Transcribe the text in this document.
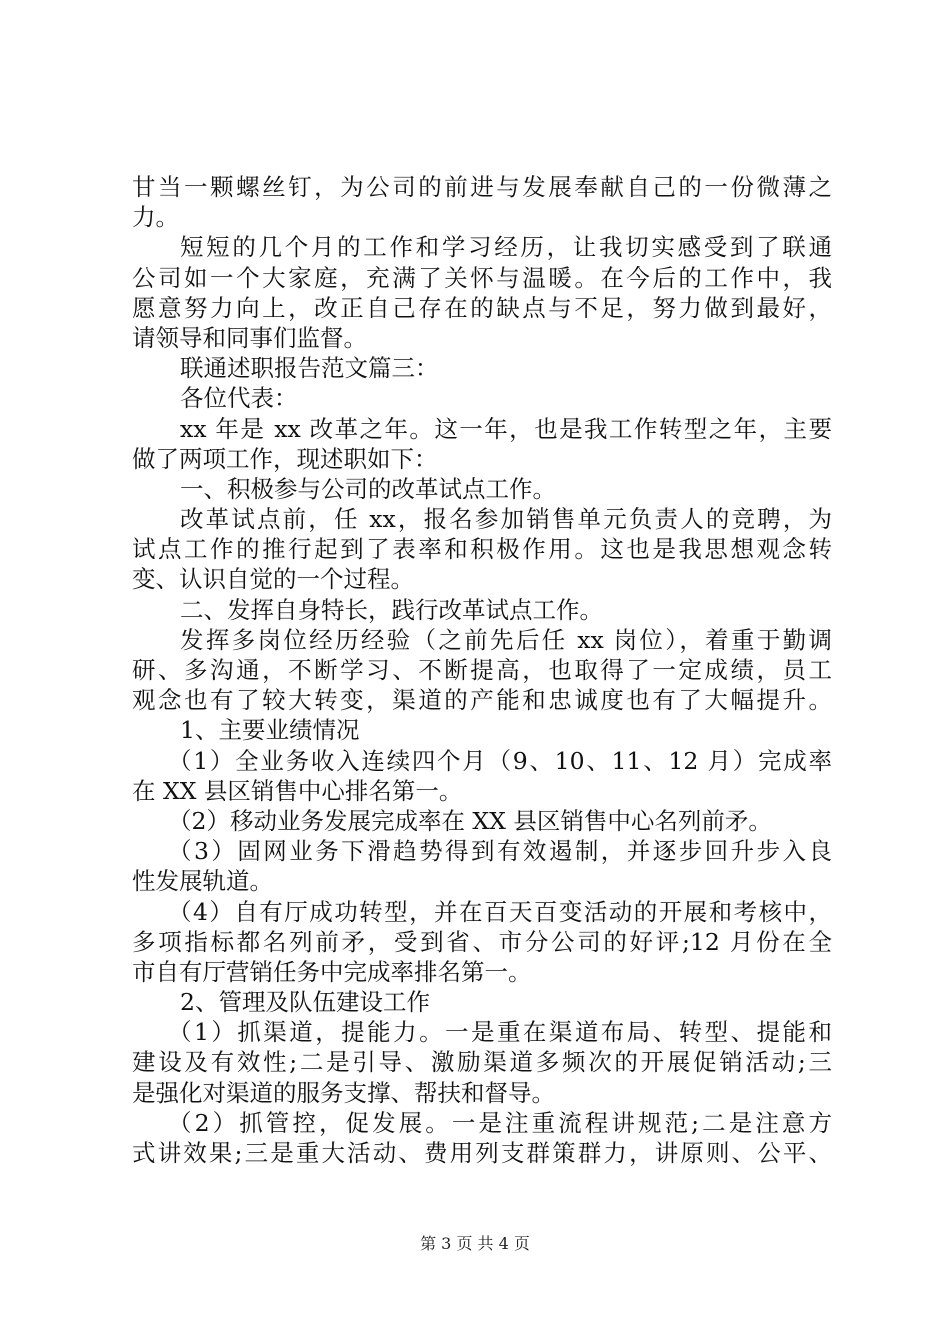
甘当一颗螺丝钉，为公司的前进与发展奉献自己的一份微薄之
力。
短短的几个月的工作和学习经历，让我切实感受到了联通
公司如一个大家庭，充满了关怀与温暖。在今后的工作中，我
愿意努力向上，改正自己存在的缺点与不足，努力做到最好，
请领导和同事们监督。
联通述职报告范文篇三：
各位代表：
xx 年是 xx 改革之年。这一年，也是我工作转型之年，主要
做了两项工作，现述职如下：
一、积极参与公司的改革试点工作。
改革试点前，任 xx，报名参加销售单元负责人的竞聘，为
试点工作的推行起到了表率和积极作用。这也是我思想观念转
变、认识自觉的一个过程。
二、发挥自身特长，践行改革试点工作。
发挥多岗位经历经验（之前先后任 xx 岗位），着重于勤调
研、多沟通，不断学习、不断提高，也取得了一定成绩，员工
观念也有了较大转变，渠道的产能和忠诚度也有了大幅提升。
1、主要业绩情况
（1）全业务收入连续四个月（9、10、11、12 月）完成率
在 XX 县区销售中心排名第一。
（2）移动业务发展完成率在 XX 县区销售中心名列前矛。
（3）固网业务下滑趋势得到有效遏制，并逐步回升步入良
性发展轨道。
（4）自有厅成功转型，并在百天百变活动的开展和考核中，
多项指标都名列前矛，受到省、市分公司的好评;12 月份在全
市自有厅营销任务中完成率排名第一。
2、管理及队伍建设工作
（1）抓渠道，提能力。一是重在渠道布局、转型、提能和
建设及有效性;二是引导、激励渠道多频次的开展促销活动;三
是强化对渠道的服务支撑、帮扶和督导。
（2）抓管控，促发展。一是注重流程讲规范;二是注意方
式讲效果;三是重大活动、费用列支群策群力，讲原则、公平、
第 3 页 共 4 页
